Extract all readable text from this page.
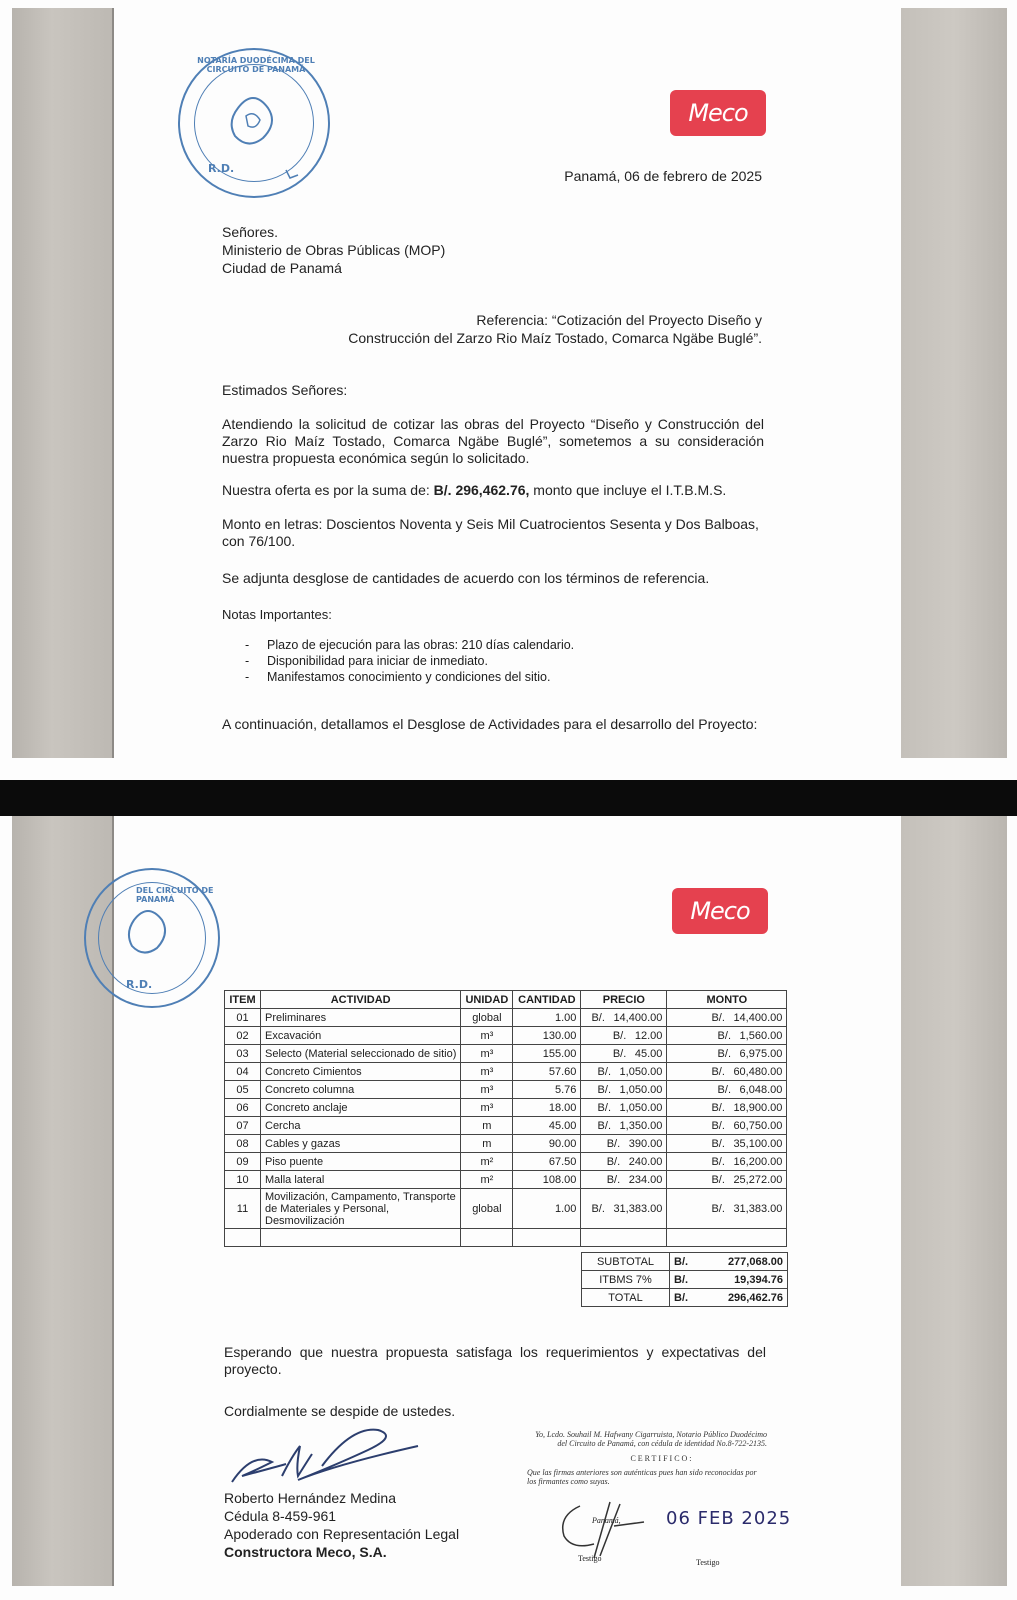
R.D.
NOTARÍA DUODÉCIMA DEL CIRCUITO DE PANAMÁ
Meco
Panamá, 06 de febrero de 2025
Señores.
Ministerio de Obras Públicas (MOP)
Ciudad de Panamá
Referencia: “Cotización del Proyecto Diseño y
Construcción del Zarzo Rio Maíz Tostado, Comarca Ngäbe Buglé”.
Estimados Señores:
Atendiendo la solicitud de cotizar las obras del Proyecto “Diseño y Construcción del Zarzo Rio Maíz Tostado, Comarca Ngäbe Buglé”, sometemos a su consideración nuestra propuesta económica según lo solicitado.
Nuestra oferta es por la suma de: B/. 296,462.76, monto que incluye el I.T.B.M.S.
Monto en letras: Doscientos Noventa y Seis Mil Cuatrocientos Sesenta y Dos Balboas, con 76/100.
Se adjunta desglose de cantidades de acuerdo con los términos de referencia.
Notas Importantes:
- Plazo de ejecución para las obras: 210 días calendario.
- Disponibilidad para iniciar de inmediato.
- Manifestamos conocimiento y condiciones del sitio.
A continuación, detallamos el Desglose de Actividades para el desarrollo del Proyecto:
R.D.
DEL CIRCUITO DE PANAMÁ	Meco
ITEM	ACTIVIDAD	UNIDAD	CANTIDAD	PRECIO	MONTO
01	Preliminares	global	1.00	B/. 14,400.00	B/. 14,400.00
02	Excavación	m³	130.00	B/. 12.00	B/. 1,560.00
03	Selecto (Material seleccionado de sitio)	m³	155.00	B/. 45.00	B/. 6,975.00
04	Concreto Cimientos	m³	57.60	B/. 1,050.00	B/. 60,480.00
05	Concreto columna	m³	5.76	B/. 1,050.00	B/. 6,048.00
06	Concreto anclaje	m³	18.00	B/. 1,050.00	B/. 18,900.00
07	Cercha	m	45.00	B/. 1,350.00	B/. 60,750.00
08	Cables y gazas	m	90.00	B/. 390.00	B/. 35,100.00
09	Piso puente	m²	67.50	B/. 240.00	B/. 16,200.00
10	Malla lateral	m²	108.00	B/. 234.00	B/. 25,272.00
11	Movilización, Campamento, Transporte de Materiales y Personal, Desmovilización	global	1.00	B/. 31,383.00	B/. 31,383.00

SUBTOTAL	B/. 277,068.00

ITBMS 7%	B/. 19,394.76

TOTAL	B/. 296,462.76
Esperando que nuestra propuesta satisfaga los requerimientos y expectativas del proyecto.
Cordialmente se despide de ustedes.
Roberto Hernández Medina
Cédula 8-459-961
Apoderado con Representación Legal
Constructora Meco, S.A.
Yo, Lcdo. Souhail M. Hafwany Cigarruista, Notario Público Duodécimo del Circuito de Panamá, con cédula de identidad No.8-722-2135.
CERTIFICO:
Que las firmas anteriores son auténticas pues han sido reconocidas por los firmantes como suyas.
Panamá,	06 FEB 2025
Testigo	Testigo
